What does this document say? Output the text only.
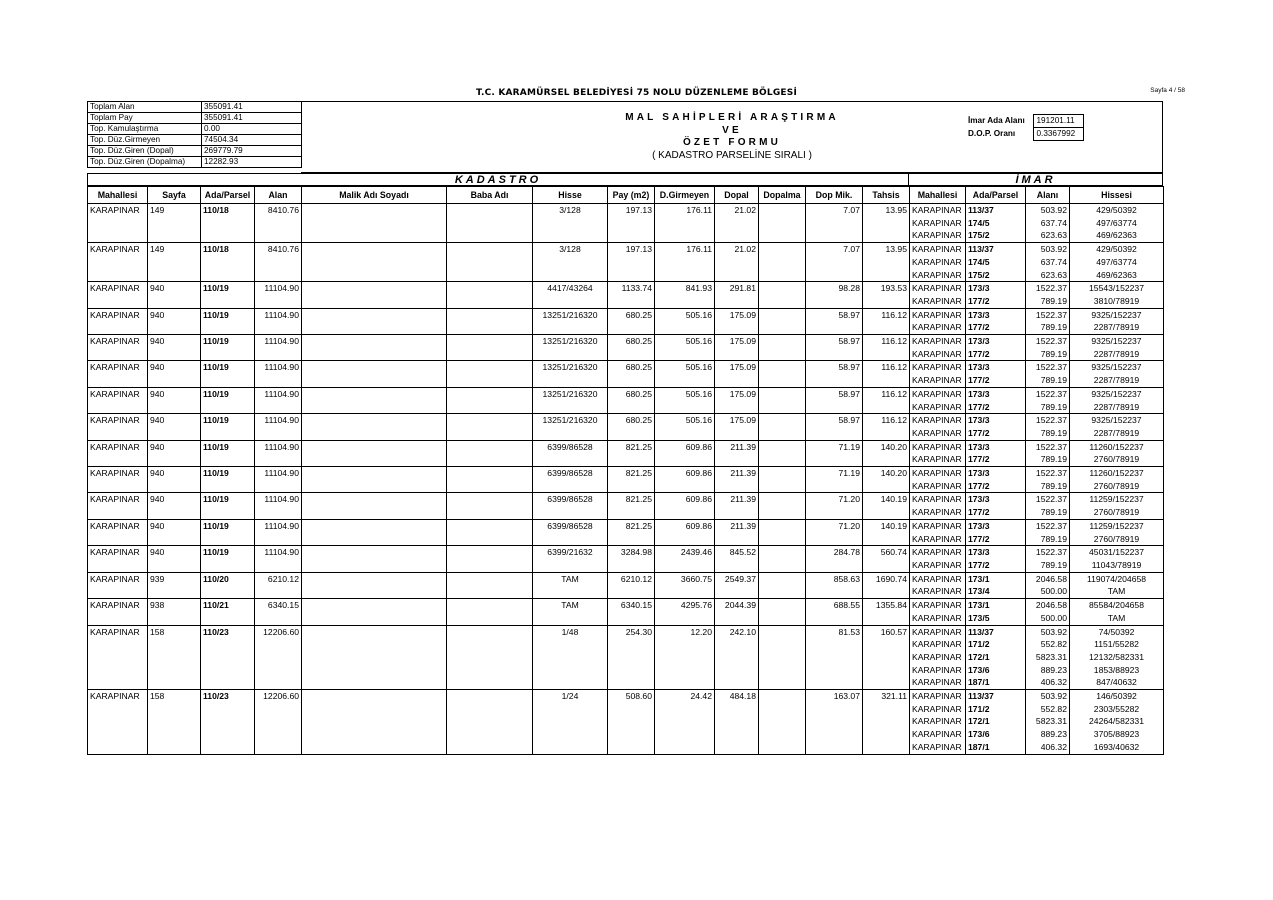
T.C. KARAMÜRSEL BELEDİYESİ 75 NOLU DÜZENLEME BÖLGESİ	Sayfa 4 / 58
Toplam Alan	355091.41
Toplam Pay	355091.41
Top. Kamulaştırma	0.00
Top. Düz.Girmeyen	74504.34
Top. Düz.Giren (Dopal)	269779.79
Top. Düz.Giren (Dopalma)	12282.93
MAL SAHİPLERİ ARAŞTIRMA
VE
ÖZET FORMU
( KADASTRO PARSELİNE SIRALI )
İmar Ada Alanı	191201.11
D.O.P. Oranı	0.3367992
KADASTRO	İMAR
Mahallesi	Sayfa	Ada/Parsel	Alan	Malik Adı Soyadı	Baba Adı	Hisse	Pay (m2)	D.Girmeyen	Dopal	Dopalma	Dop Mik.	Tahsis	Mahallesi	Ada/Parsel	Alanı	Hissesi
KARAPINAR	149	110/18	8410.76			3/128	197.13	176.11	21.02		7.07	13.95	KARAPINAR	113/37	503.92	429/50392
													KARAPINAR	174/5	637.74	497/63774
													KARAPINAR	175/2	623.63	469/62363
KARAPINAR	149	110/18	8410.76			3/128	197.13	176.11	21.02		7.07	13.95	KARAPINAR	113/37	503.92	429/50392
													KARAPINAR	174/5	637.74	497/63774
													KARAPINAR	175/2	623.63	469/62363
KARAPINAR	940	110/19	11104.90			4417/43264	1133.74	841.93	291.81		98.28	193.53	KARAPINAR	173/3	1522.37	15543/152237
													KARAPINAR	177/2	789.19	3810/78919
KARAPINAR	940	110/19	11104.90			13251/216320	680.25	505.16	175.09		58.97	116.12	KARAPINAR	173/3	1522.37	9325/152237
													KARAPINAR	177/2	789.19	2287/78919
KARAPINAR	940	110/19	11104.90			13251/216320	680.25	505.16	175.09		58.97	116.12	KARAPINAR	173/3	1522.37	9325/152237
													KARAPINAR	177/2	789.19	2287/78919
KARAPINAR	940	110/19	11104.90			13251/216320	680.25	505.16	175.09		58.97	116.12	KARAPINAR	173/3	1522.37	9325/152237
													KARAPINAR	177/2	789.19	2287/78919
KARAPINAR	940	110/19	11104.90			13251/216320	680.25	505.16	175.09		58.97	116.12	KARAPINAR	173/3	1522.37	9325/152237
													KARAPINAR	177/2	789.19	2287/78919
KARAPINAR	940	110/19	11104.90			13251/216320	680.25	505.16	175.09		58.97	116.12	KARAPINAR	173/3	1522.37	9325/152237
													KARAPINAR	177/2	789.19	2287/78919
KARAPINAR	940	110/19	11104.90			6399/86528	821.25	609.86	211.39		71.19	140.20	KARAPINAR	173/3	1522.37	11260/152237
													KARAPINAR	177/2	789.19	2760/78919
KARAPINAR	940	110/19	11104.90			6399/86528	821.25	609.86	211.39		71.19	140.20	KARAPINAR	173/3	1522.37	11260/152237
													KARAPINAR	177/2	789.19	2760/78919
KARAPINAR	940	110/19	11104.90			6399/86528	821.25	609.86	211.39		71.20	140.19	KARAPINAR	173/3	1522.37	11259/152237
													KARAPINAR	177/2	789.19	2760/78919
KARAPINAR	940	110/19	11104.90			6399/86528	821.25	609.86	211.39		71.20	140.19	KARAPINAR	173/3	1522.37	11259/152237
													KARAPINAR	177/2	789.19	2760/78919
KARAPINAR	940	110/19	11104.90			6399/21632	3284.98	2439.46	845.52		284.78	560.74	KARAPINAR	173/3	1522.37	45031/152237
													KARAPINAR	177/2	789.19	11043/78919
KARAPINAR	939	110/20	6210.12			TAM	6210.12	3660.75	2549.37		858.63	1690.74	KARAPINAR	173/1	2046.58	119074/204658
													KARAPINAR	173/4	500.00	TAM
KARAPINAR	938	110/21	6340.15			TAM	6340.15	4295.76	2044.39		688.55	1355.84	KARAPINAR	173/1	2046.58	85584/204658
													KARAPINAR	173/5	500.00	TAM
KARAPINAR	158	110/23	12206.60			1/48	254.30	12.20	242.10		81.53	160.57	KARAPINAR	113/37	503.92	74/50392
													KARAPINAR	171/2	552.82	1151/55282
													KARAPINAR	172/1	5823.31	12132/582331
													KARAPINAR	173/6	889.23	1853/88923
													KARAPINAR	187/1	406.32	847/40632
KARAPINAR	158	110/23	12206.60			1/24	508.60	24.42	484.18		163.07	321.11	KARAPINAR	113/37	503.92	146/50392
													KARAPINAR	171/2	552.82	2303/55282
													KARAPINAR	172/1	5823.31	24264/582331
													KARAPINAR	173/6	889.23	3705/88923
													KARAPINAR	187/1	406.32	1693/40632
